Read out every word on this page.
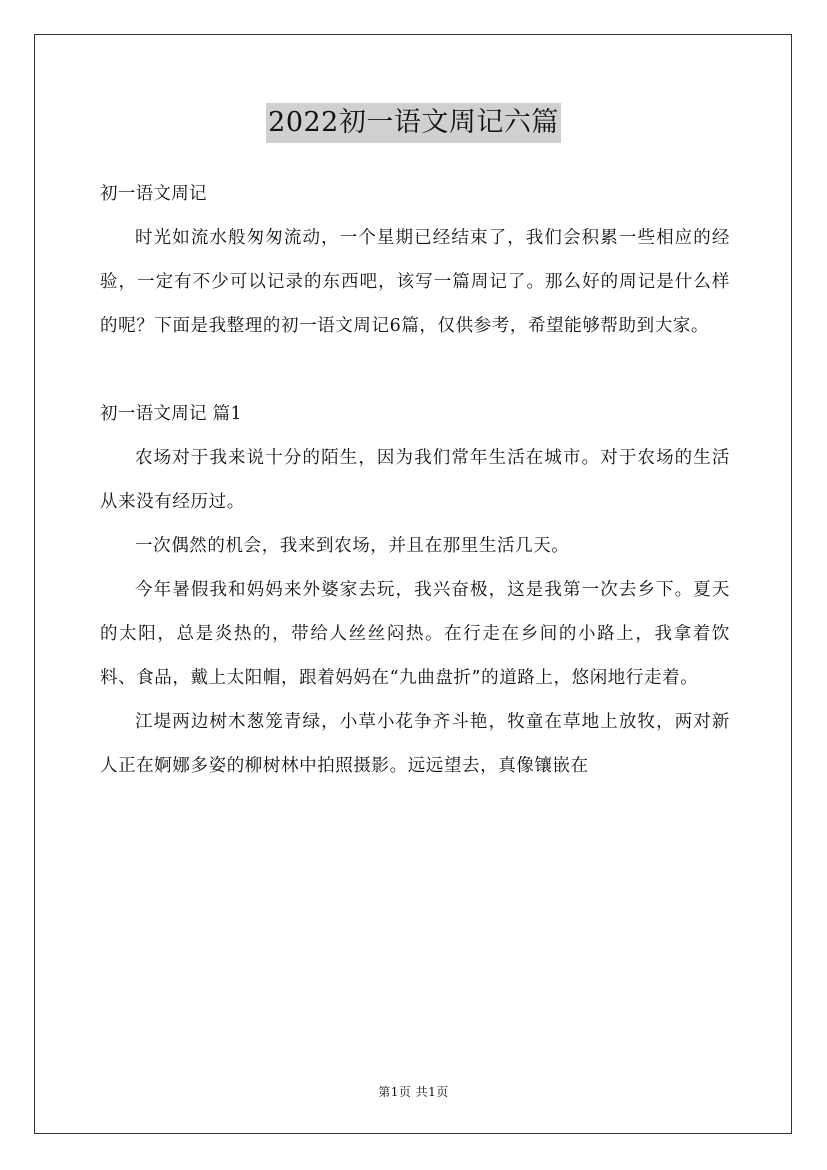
2022初一语文周记六篇

初一语文周记

时光如流水般匆匆流动，一个星期已经结束了，我们会积累一些相应的经验，一定有不少可以记录的东西吧，该写一篇周记了。那么好的周记是什么样的呢？下面是我整理的初一语文周记6篇，仅供参考，希望能够帮助到大家。

初一语文周记 篇1

农场对于我来说十分的陌生，因为我们常年生活在城市。对于农场的生活从来没有经历过。

一次偶然的机会，我来到农场，并且在那里生活几天。

今年暑假我和妈妈来外婆家去玩，我兴奋极，这是我第一次去乡下。夏天的太阳，总是炎热的，带给人丝丝闷热。在行走在乡间的小路上，我拿着饮料、食品，戴上太阳帽，跟着妈妈在“九曲盘折”的道路上，悠闲地行走着。

江堤两边树木葱笼青绿，小草小花争齐斗艳，牧童在草地上放牧，两对新人正在婀娜多姿的柳树林中拍照摄影。远远望去，真像镶嵌在

第1页 共1页
